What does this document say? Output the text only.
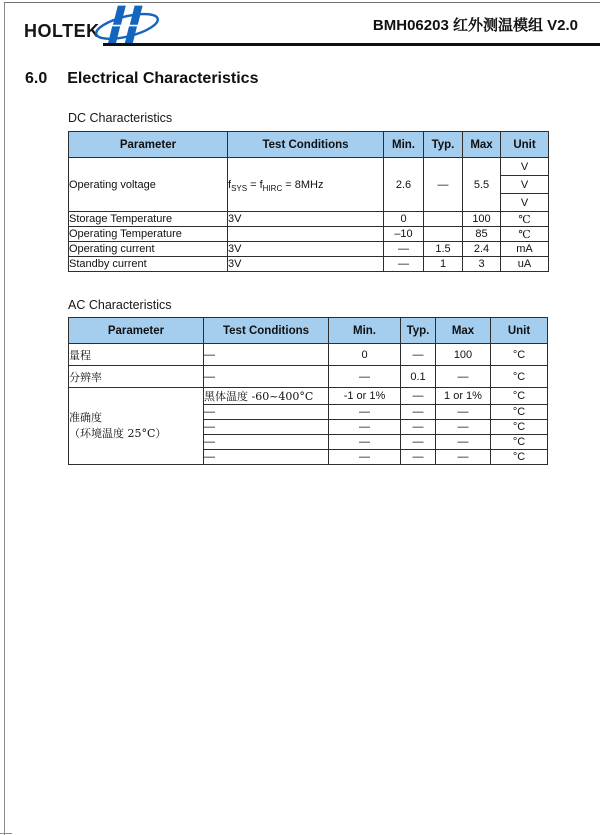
HOLTEK	BMH06203 红外测温模组 V2.0
6.0 Electrical Characteristics
DC Characteristics
Parameter	Test Conditions	Min.	Typ.	Max	Unit
Operating voltage	$f_{SYS} = f_{HIRC} = 8MHz$	2.6	—	5.5	V
					V
					V
Storage Temperature	3V	0		100	℃
Operating Temperature		–10		85	℃
Operating current	3V	—	1.5	2.4	mA
Standby current	3V	—	1	3	uA
AC Characteristics
Parameter	Test Conditions	Min.	Typ.	Max	Unit
量程	—	0	—	100	°C
分辨率	—	—	0.1	—	°C

准确度
（环境温度 25°C）	黑体温度 -60~400°C	-1 or 1%	—	1 or 1%	°C
	—	—	—	—	°C
	—	—	—	—	°C
	—	—	—	—	°C
	—	—	—	—	°C
